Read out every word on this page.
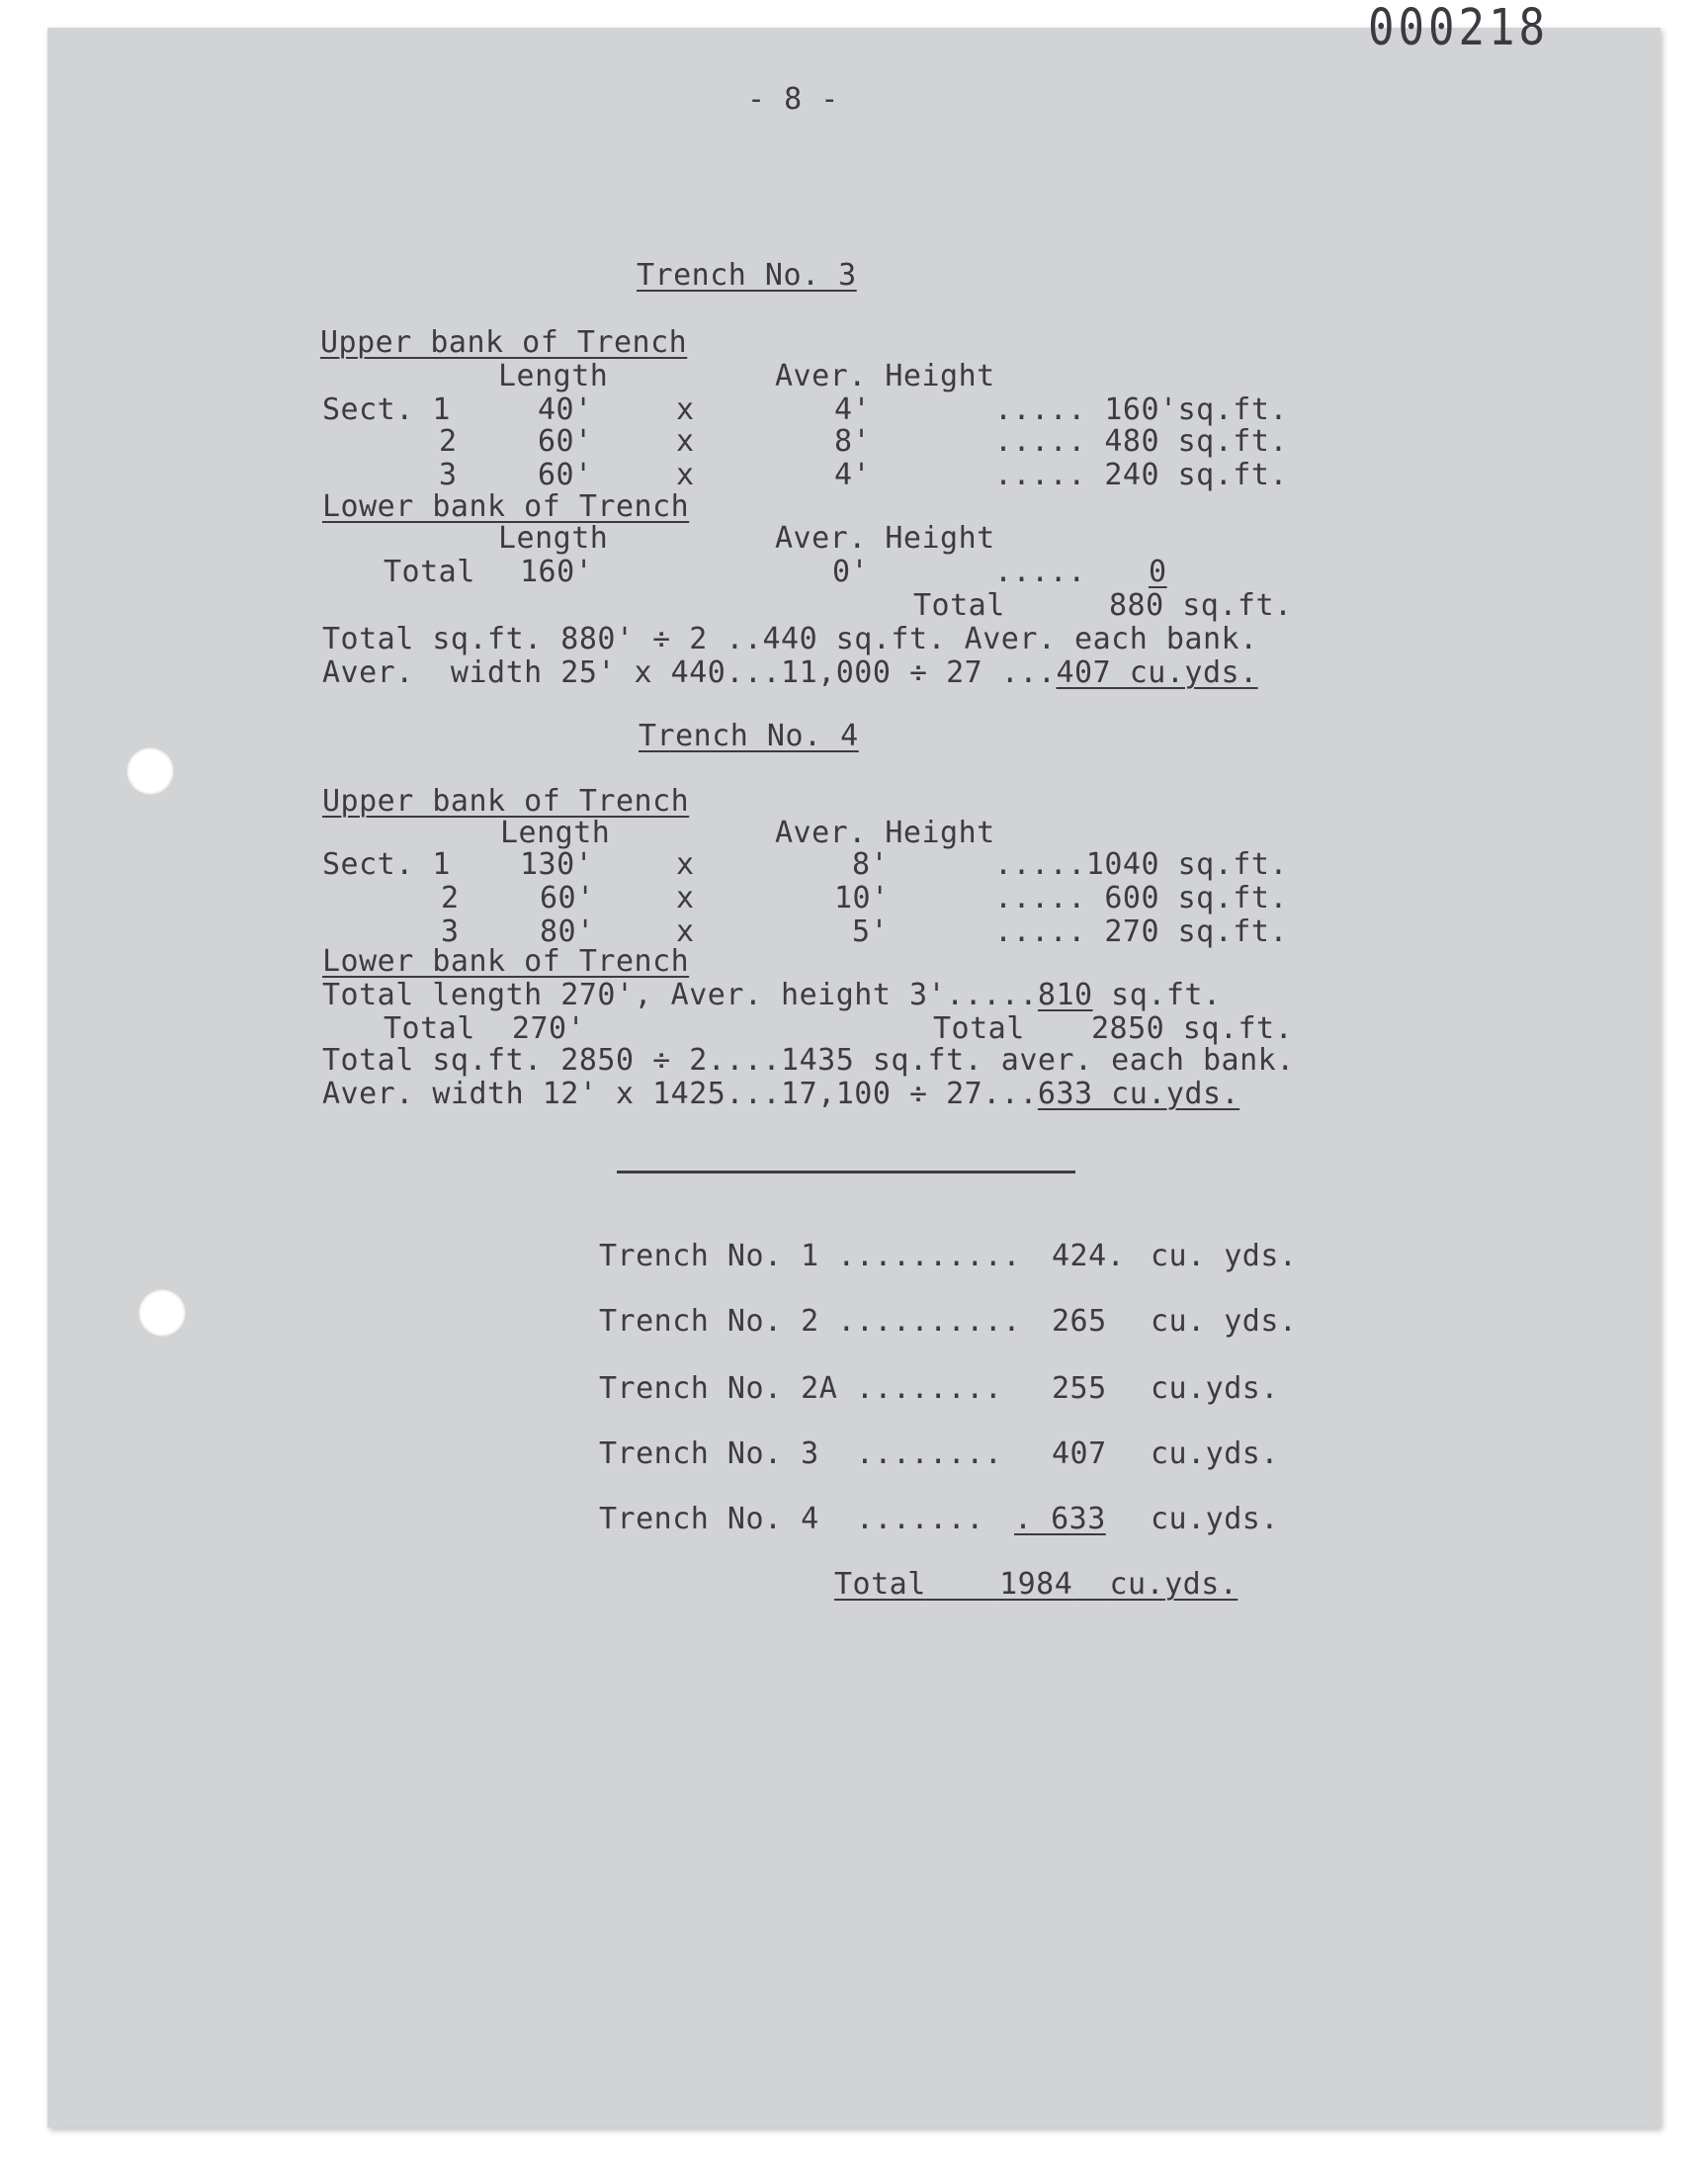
000218
- 8 -
Trench No. 3
Upper bank of Trench
Length	Aver. Height
Sect. 1	40'	x	4'	..... 160'sq.ft.
2	60'	x	8'	..... 480 sq.ft.
3	60'	x	4'	..... 240 sq.ft.
Lower bank of Trench
Length	Aver. Height
Total 160'	0'	..... 0
Total	880 sq.ft.
Total sq.ft. 880' ÷ 2 ..440 sq.ft. Aver. each bank.
Aver.  width 25' x 440...11,000 ÷ 27 ...407 cu.yds.
Trench No. 4
Upper bank of Trench
Length	Aver. Height
Sect. 1 130'	x	8'	.....1040 sq.ft.
2	60'	x	10'	..... 600 sq.ft.
3	80'	x	5'	..... 270 sq.ft.
Lower bank of Trench
Total length 270', Aver. height 3'.....810 sq.ft.
Total  270'	Total 2850 sq.ft.
Total sq.ft. 2850 ÷ 2....1435 sq.ft. aver. each bank.
Aver. width 12' x 1425...17,100 ÷ 27...633 cu.yds.
Trench No. 1 .......... 424. cu. yds.
Trench No. 2 .......... 265 cu. yds.
Trench No. 2A ........ 255 cu.yds.
Trench No. 3  ........ 407 cu.yds.
Trench No. 4  ....... . 633 cu.yds.
Total 1984 cu.yds.
